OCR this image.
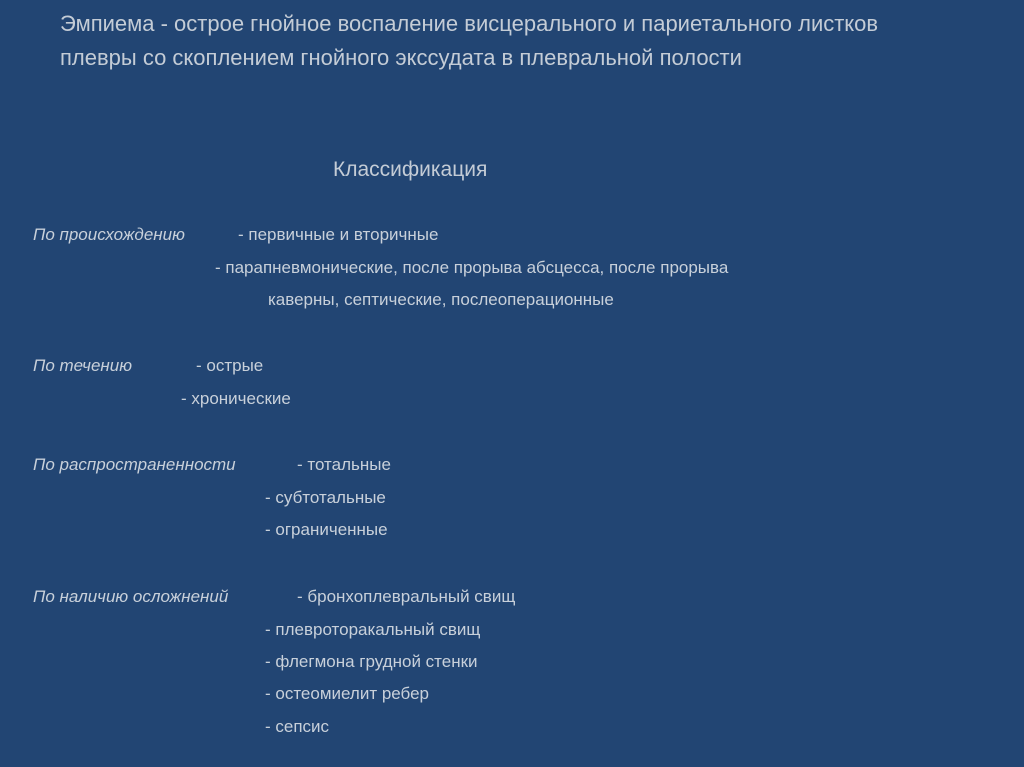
Эмпиема - острое гнойное воспаление висцерального и париетального листков плевры со скоплением гнойного экссудата в плевральной полости
Классификация
По происхождению	- первичные и вторичные
- парапневмонические, после прорыва абсцесса, после прорыва
каверны, септические, послеоперационные
По течению	- острые
- хронические
По распространенности	- тотальные
- субтотальные
- ограниченные
По наличию осложнений	- бронхоплевральный свищ
- плевроторакальный свищ
- флегмона грудной стенки
- остеомиелит ребер
- сепсис
